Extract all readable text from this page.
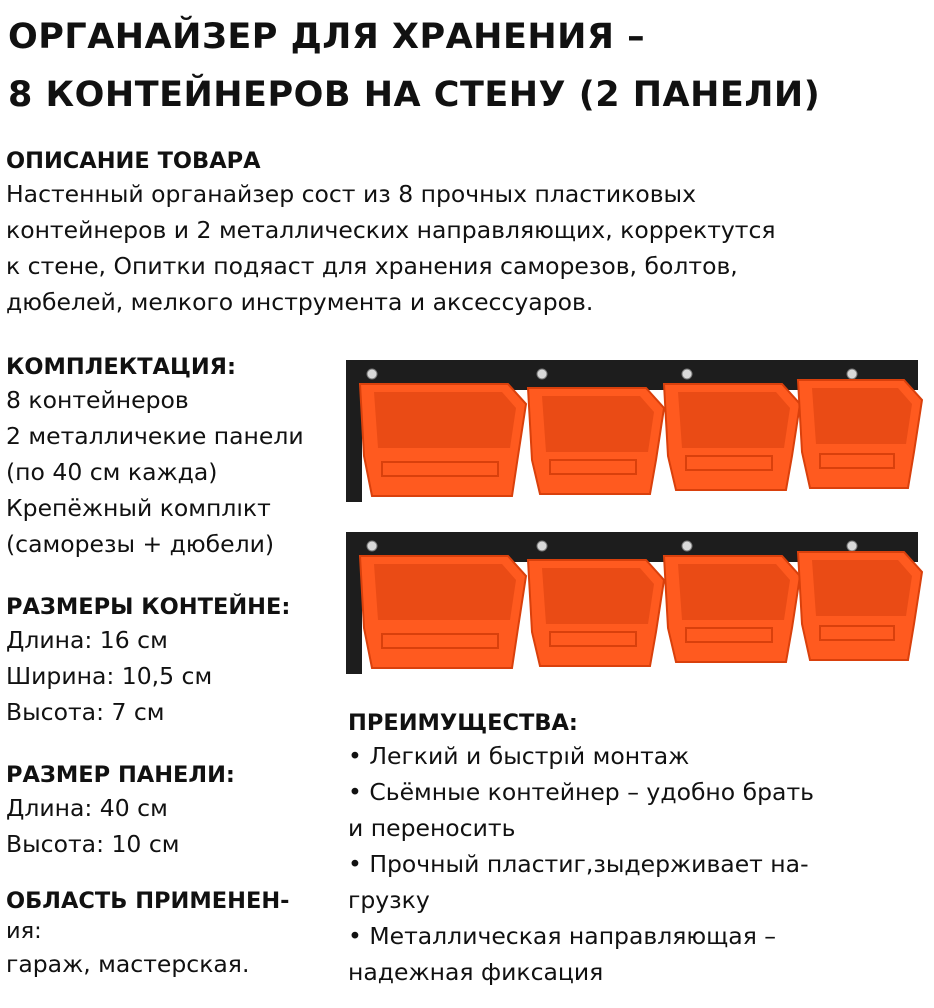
ОРГАНАЙЗЕР ДЛЯ ХРАНЕНИЯ –
8 КОНТЕЙНЕРОВ НА СТЕНУ (2 ПАНЕЛИ)
ОПИСАНИЕ ТОВАРА

Настенный органайзер сост из 8 прочных пластиковых

контейнеров и 2 металлических направляющих, корректутся

к стене, Опитки подяаст для хранения саморезов, болтов,

дюбелей, мелкого инструмента и аксессуаров.

КОМПЛЕКТАЦИЯ:

8 контейнеров

2 металличекие панели

(по 40 см кажда)

Крепёжный комплıкт

(саморезы + дюбели)

РАЗМЕРЫ КОНТЕЙНЕ:

Длина: 16 см

Ширина: 10,5 см

Высота: 7 см

РАЗМЕР ПАНЕЛИ:

Длина: 40 см

Высота: 10 см

ОБЛАСТЬ ПРИМЕНЕН-
ия:

гараж, мастерская.

ПРЕИМУЩЕСТВА:

• Легкий и быстрıй монтаж

• Сьёмные контейнер – удобно брать

и переносить

• Прочный пластиг,зыдерживает на-

грузку

• Металлическая направляющая –

надежная фиксация
